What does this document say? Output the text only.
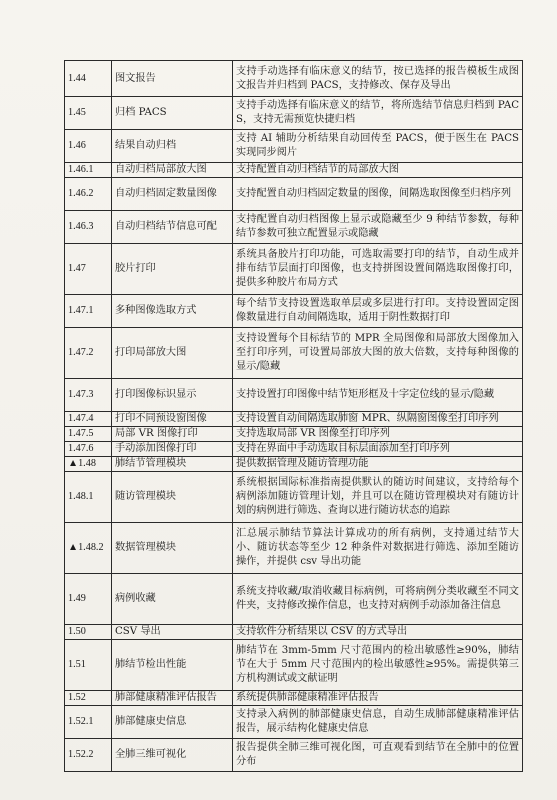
1.44	图文报告	支持手动选择有临床意义的结节，按已选择的报告模板生成图文报告并归档到 PACS，支持修改、保存及导出
1.45	归档 PACS	支持手动选择有临床意义的结节，将所选结节信息归档到 PACS，支持无需预览快捷归档
1.46	结果自动归档	支持 AI 辅助分析结果自动回传至 PACS，便于医生在 PACS 实现同步阅片
1.46.1	自动归档局部放大图	支持配置自动归档结节的局部放大图
1.46.2	自动归档固定数量图像	支持配置自动归档固定数量的图像，间隔选取图像至归档序列
1.46.3	自动归档结节信息可配	支持配置自动归档图像上显示或隐藏至少 9 种结节参数，每种结节参数可独立配置显示或隐藏
1.47	胶片打印	系统具备胶片打印功能，可选取需要打印的结节，自动生成并排布结节层面打印图像，也支持拼图设置间隔选取图像打印，提供多种胶片布局方式
1.47.1	多种图像选取方式	每个结节支持设置选取单层或多层进行打印。支持设置固定图像数量进行自动间隔选取，适用于阴性数据打印
1.47.2	打印局部放大图	支持设置每个目标结节的 MPR 全局图像和局部放大图像加入至打印序列，可设置局部放大图的放大倍数，支持每种图像的显示/隐藏
1.47.3	打印图像标识显示	支持设置打印图像中结节矩形框及十字定位线的显示/隐藏
1.47.4	打印不同预设窗图像	支持设置自动间隔选取肺窗 MPR、纵隔窗图像至打印序列
1.47.5	局部 VR 图像打印	支持选取局部 VR 图像至打印序列
1.47.6	手动添加图像打印	支持在界面中手动选取目标层面添加至打印序列
▲1.48	肺结节管理模块	提供数据管理及随访管理功能
1.48.1	随访管理模块	系统根据国际标准指南提供默认的随访时间建议，支持给每个病例添加随访管理计划，并且可以在随访管理模块对有随访计划的病例进行筛选、查询以进行随访状态的追踪
▲1.48.2	数据管理模块	汇总展示肺结节算法计算成功的所有病例，支持通过结节大小、随访状态等至少 12 种条件对数据进行筛选、添加至随访操作，并提供 csv 导出功能
1.49	病例收藏	系统支持收藏/取消收藏目标病例，可将病例分类收藏至不同文件夹，支持修改操作信息，也支持对病例手动添加备注信息
1.50	CSV 导出	支持软件分析结果以 CSV 的方式导出
1.51	肺结节检出性能	肺结节在 3mm-5mm 尺寸范围内的检出敏感性≥90%，肺结节在大于 5mm 尺寸范围内的检出敏感性≥95%。需提供第三方机构测试或文献证明
1.52	肺部健康精准评估报告	系统提供肺部健康精准评估报告
1.52.1	肺部健康史信息	支持录入病例的肺部健康史信息，自动生成肺部健康精准评估报告，展示结构化健康史信息
1.52.2	全肺三维可视化	报告提供全肺三维可视化图，可直观看到结节在全肺中的位置分布
